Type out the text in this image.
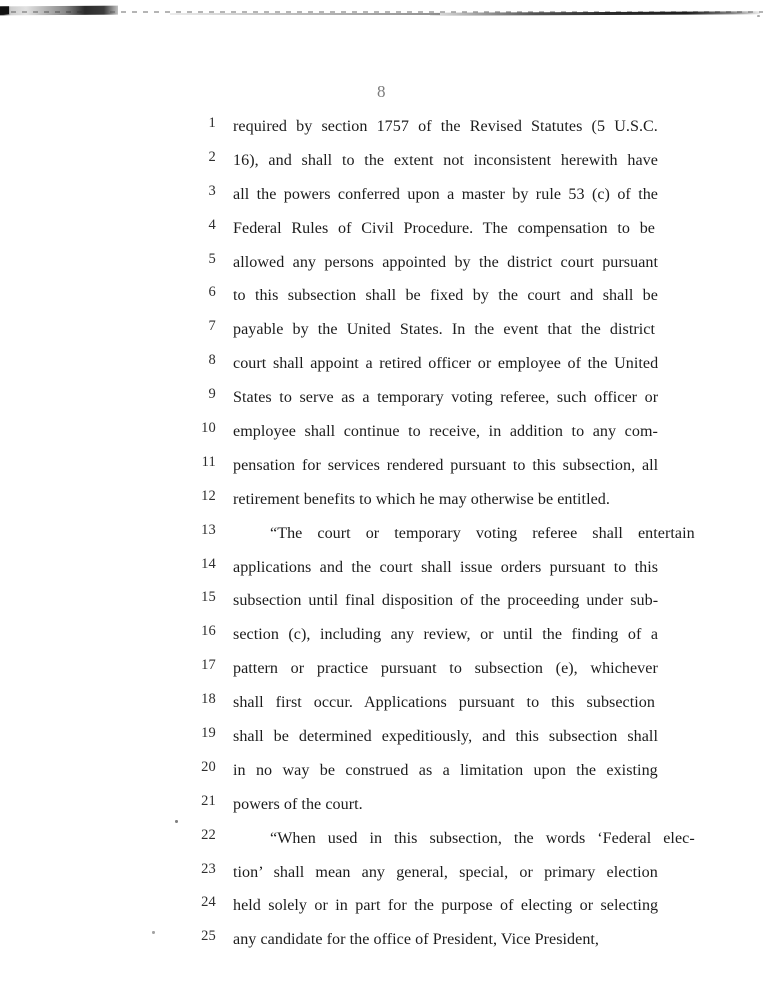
8
1 required by section 1757 of the Revised Statutes (5 U.S.C.
2 16), and shall to the extent not inconsistent herewith have
3 all the powers conferred upon a master by rule 53 (c) of the
4 Federal Rules of Civil Procedure. The compensation to be
5 allowed any persons appointed by the district court pursuant
6 to this subsection shall be fixed by the court and shall be
7 payable by the United States. In the event that the district
8 court shall appoint a retired officer or employee of the United
9 States to serve as a temporary voting referee, such officer or
10 employee shall continue to receive, in addition to any com-
11 pensation for services rendered pursuant to this subsection, all
12 retirement benefits to which he may otherwise be entitled.
13	“The court or temporary voting referee shall entertain
14 applications and the court shall issue orders pursuant to this
15 subsection until final disposition of the proceeding under sub-
16 section (c), including any review, or until the finding of a
17 pattern or practice pursuant to subsection (e), whichever
18 shall first occur. Applications pursuant to this subsection
19 shall be determined expeditiously, and this subsection shall
20 in no way be construed as a limitation upon the existing
21 powers of the court.
22	“When used in this subsection, the words ‘Federal elec-
23 tion’ shall mean any general, special, or primary election
24 held solely or in part for the purpose of electing or selecting
25 any candidate for the office of President, Vice President,
